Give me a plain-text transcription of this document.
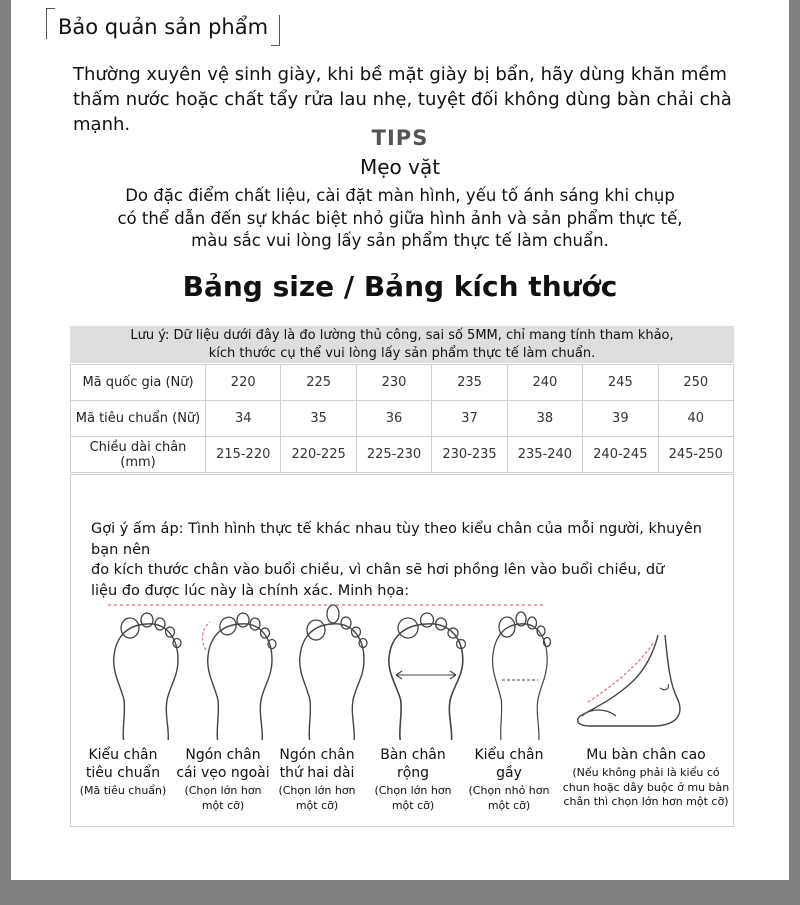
Bảo quản sản phẩm
Thường xuyên vệ sinh giày, khi bề mặt giày bị bẩn, hãy dùng khăn mềm thấm nước hoặc chất tẩy rửa lau nhẹ, tuyệt đối không dùng bàn chải chà mạnh.
TIPS
Mẹo vặt
Do đặc điểm chất liệu, cài đặt màn hình, yếu tố ánh sáng khi chụp
có thể dẫn đến sự khác biệt nhỏ giữa hình ảnh và sản phẩm thực tế,
màu sắc vui lòng lấy sản phẩm thực tế làm chuẩn.
Bảng size / Bảng kích thước
Lưu ý: Dữ liệu dưới đây là đo lường thủ công, sai số 5MM, chỉ mang tính tham khảo,
kích thước cụ thể vui lòng lấy sản phẩm thực tế làm chuẩn.
Mã quốc gia (Nữ)	220	225	230	235	240	245	250
Mã tiêu chuẩn (Nữ)	34	35	36	37	38	39	40
Chiều dài chân (mm)	215-220	220-225	225-230	230-235	235-240	240-245	245-250
Gợi ý ấm áp: Tình hình thực tế khác nhau tùy theo kiểu chân của mỗi người, khuyên bạn nên
đo kích thước chân vào buổi chiều, vì chân sẽ hơi phồng lên vào buổi chiều, dữ
liệu đo được lúc này là chính xác. Minh họa:
Kiểu chân
tiêu chuẩn
(Mã tiêu chuẩn)
Ngón chân
cái vẹo ngoài
(Chọn lớn hơn
một cỡ)
Ngón chân
thứ hai dài
(Chọn lớn hơn
một cỡ)
Bàn chân
rộng
(Chọn lớn hơn
một cỡ)
Kiểu chân
gầy
(Chọn nhỏ hơn
một cỡ)
Mu bàn chân cao
(Nếu không phải là kiểu có
chun hoặc dây buộc ở mu bàn
chân thì chọn lớn hơn một cỡ)
